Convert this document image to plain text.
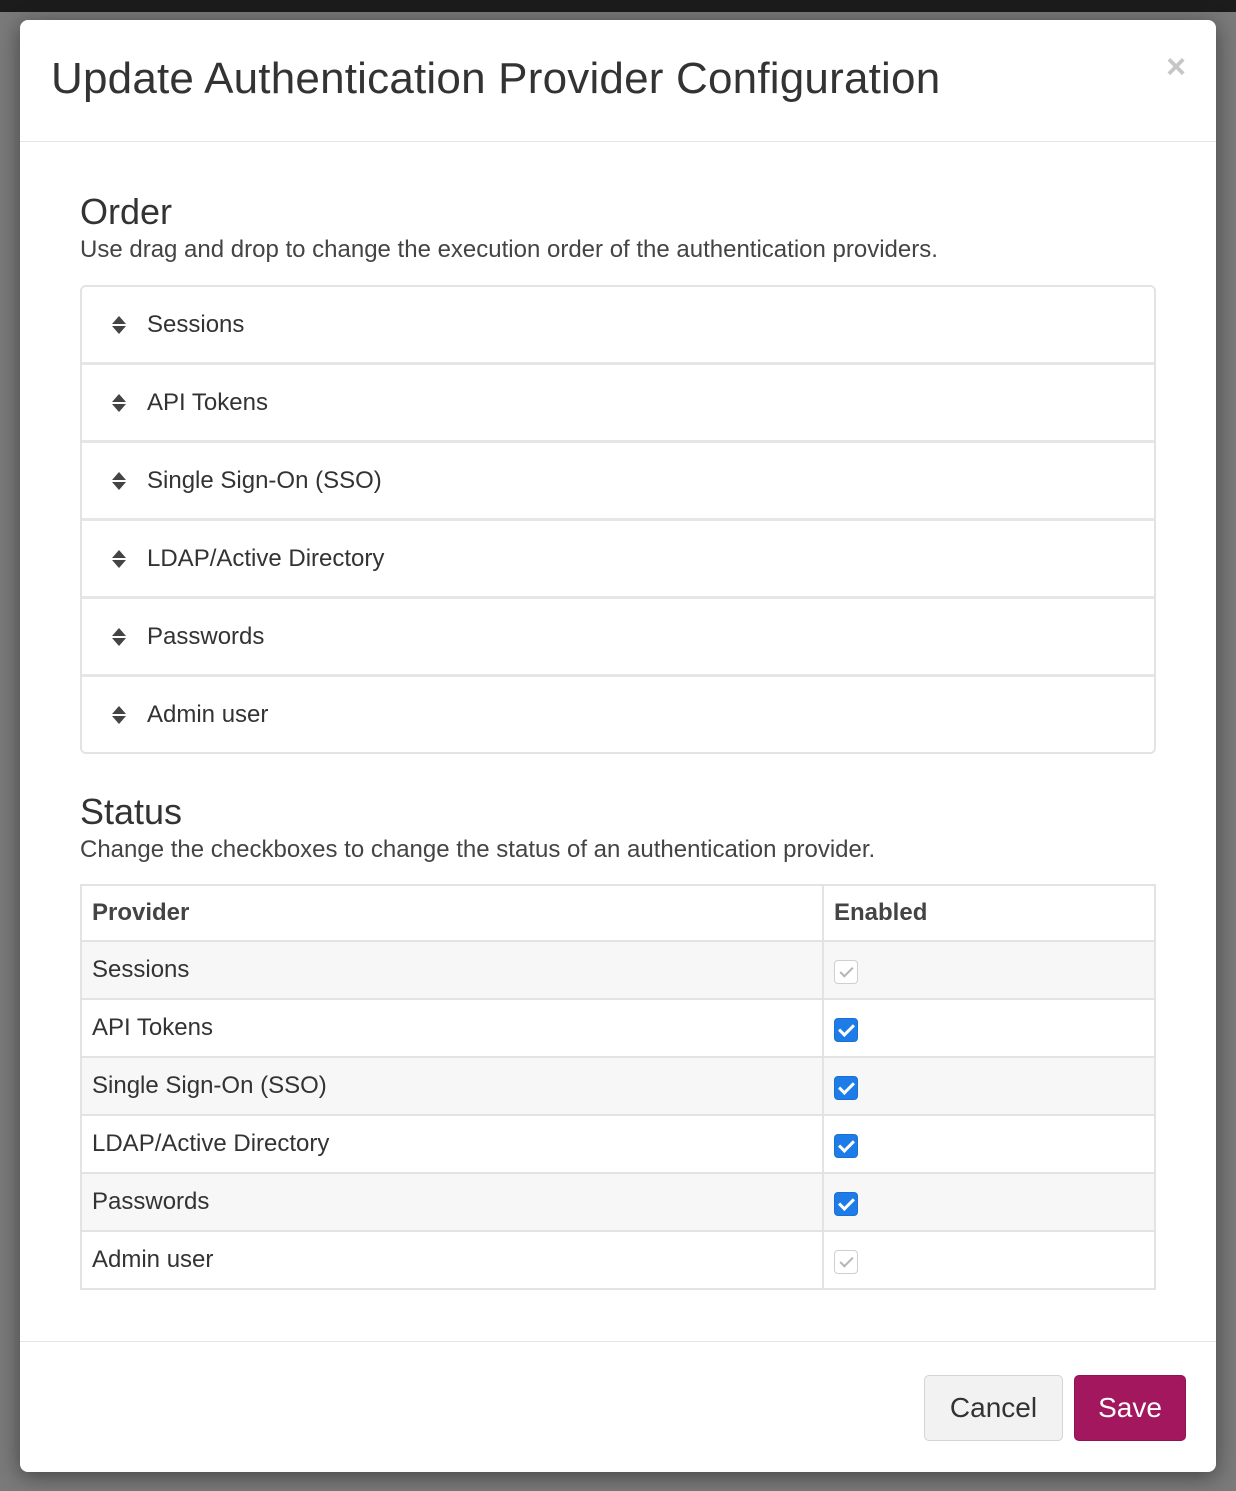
Update Authentication Provider Configuration	×
Order

Use drag and drop to change the execution order of the authentication providers.

Sessions
API Tokens
Single Sign-On (SSO)
LDAP/Active Directory
Passwords
Admin user
Status

Change the checkboxes to change the status of an authentication provider.

Provider	Enabled
Sessions	
API Tokens	
Single Sign-On (SSO)	
LDAP/Active Directory	
Passwords	
Admin user	
Cancel	Save
